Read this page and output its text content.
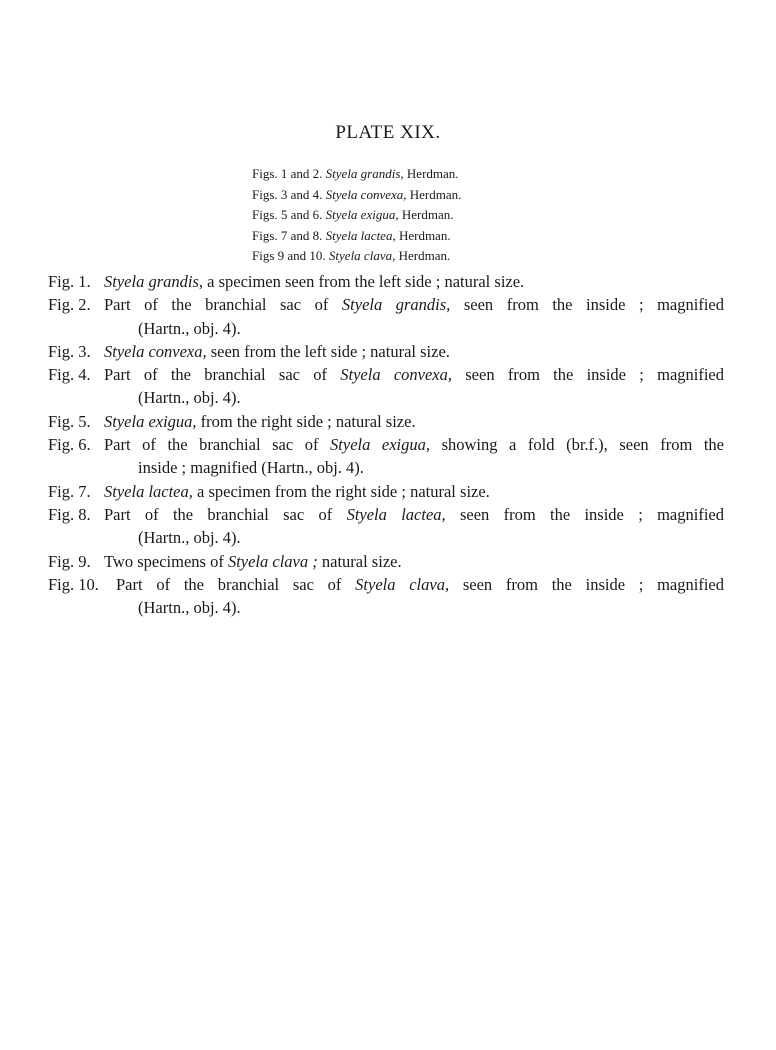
PLATE XIX.
Figs. 1 and 2. Styela grandis, Herdman.
Figs. 3 and 4. Styela convexa, Herdman.
Figs. 5 and 6. Styela exigua, Herdman.
Figs. 7 and 8. Styela lactea, Herdman.
Figs 9 and 10. Styela clava, Herdman.
Fig. 1. Styela grandis, a specimen seen from the left side ; natural size.
Fig. 2. Part of the branchial sac of Styela grandis, seen from the inside ; magnified
(Hartn., obj. 4).
Fig. 3. Styela convexa, seen from the left side ; natural size.
Fig. 4. Part of the branchial sac of Styela convexa, seen from the inside ; magnified
(Hartn., obj. 4).
Fig. 5. Styela exigua, from the right side ; natural size.
Fig. 6. Part of the branchial sac of Styela exigua, showing a fold (br.f.), seen from the
inside ; magnified (Hartn., obj. 4).
Fig. 7. Styela lactea, a specimen from the right side ; natural size.
Fig. 8. Part of the branchial sac of Styela lactea, seen from the inside ; magnified
(Hartn., obj. 4).
Fig. 9. Two specimens of Styela clava ; natural size.
Fig. 10. Part of the branchial sac of Styela clava, seen from the inside ; magnified
(Hartn., obj. 4).
